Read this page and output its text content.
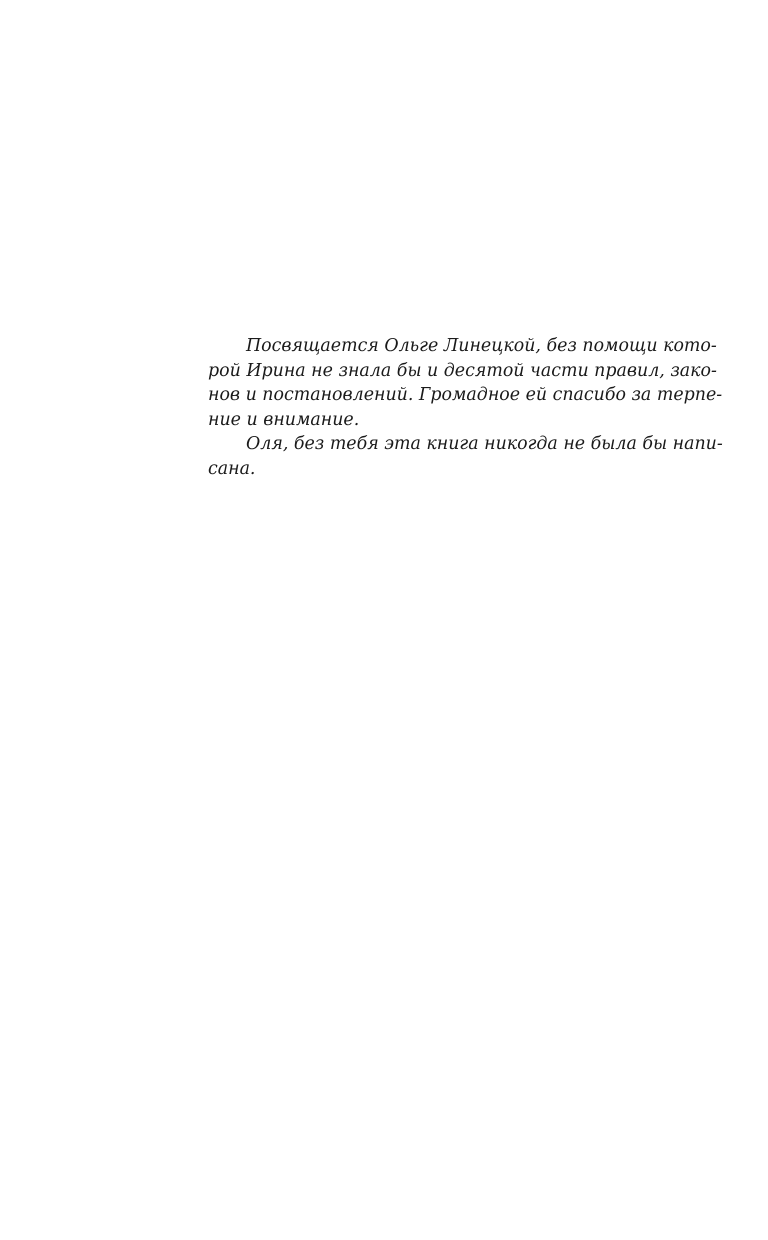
Посвящается Ольге Линецкой, без помощи кото-
рой Ирина не знала бы и десятой части правил, зако-
нов и постановлений. Громадное ей спасибо за терпе-
ние и внимание.
Оля, без тебя эта книга никогда не была бы напи-
сана.
